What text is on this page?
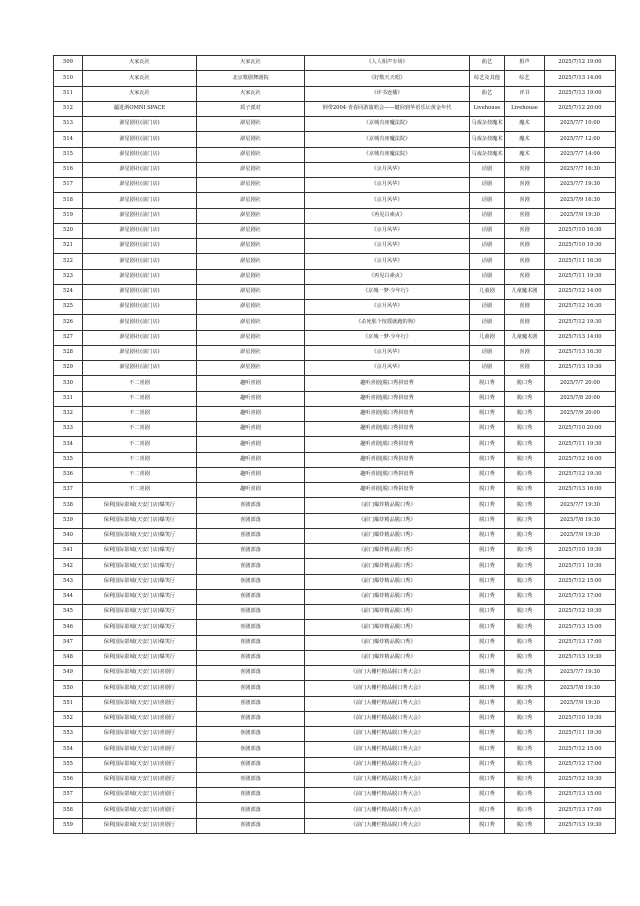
509	火家瓦社	火家瓦社	《人人相声专场》	曲艺	相声	2025/7/12 19:00
510	火家瓦社	北京歌剧舞剧院	《好歌天天唱》	综艺及其他	综艺	2025/7/13 14:00
511	火家瓦社	火家瓦社	《评书连播》	曲艺	评书	2025/7/13 19:00
512	疆进酒OMNI SPACE	质子派对	倒带2004·青春回游演唱会——键回到华语乐坛黄金年代	Livehouse	Livehouse	2025/7/12 20:00
513	澎星剧社(前门店)	澎星剧社	《京城有座魔法院》	马戏杂技魔术	魔术	2025/7/7 10:00
514	澎星剧社(前门店)	澎星剧社	《京城有座魔法院》	马戏杂技魔术	魔术	2025/7/7 12:00
515	澎星剧社(前门店)	澎星剧社	《京城有座魔法院》	马戏杂技魔术	魔术	2025/7/7 14:00
516	澎星剧社(前门店)	澎星剧社	《京月风华》	话剧	喜剧	2025/7/7 16:30
517	澎星剧社(前门店)	澎星剧社	《京月风华》	话剧	喜剧	2025/7/7 19:30
518	澎星剧社(前门店)	澎星剧社	《京月风华》	话剧	喜剧	2025/7/9 16:30
519	澎星剧社(前门店)	澎星剧社	《再见白素贞》	话剧	喜剧	2025/7/9 19:30
520	澎星剧社(前门店)	澎星剧社	《京月风华》	话剧	喜剧	2025/7/10 16:30
521	澎星剧社(前门店)	澎星剧社	《京月风华》	话剧	喜剧	2025/7/10 19:30
522	澎星剧社(前门店)	澎星剧社	《京月风华》	话剧	喜剧	2025/7/11 16:30
523	澎星剧社(前门店)	澎星剧社	《再见白素贞》	话剧	喜剧	2025/7/11 19:30
524	澎星剧社(前门店)	澎星剧社	《京城一梦·少年行》	儿童剧	儿童魔术剧	2025/7/12 14:00
525	澎星剧社(前门店)	澎星剧社	《京月风华》	话剧	喜剧	2025/7/12 16:30
526	澎星剧社(前门店)	澎星剧社	《杀死那个按摇就跑的狗》	话剧	喜剧	2025/7/12 19:30
527	澎星剧社(前门店)	澎星剧社	《京城一梦·少年行》	儿童剧	儿童魔术剧	2025/7/13 14:00
528	澎星剧社(前门店)	澎星剧社	《京月风华》	话剧	喜剧	2025/7/13 16:30
529	澎星剧社(前门店)	澎星剧社	《京月风华》	话剧	喜剧	2025/7/13 19:30
530	不二喜剧	趣听喜剧	趣听喜剧|脱口秀拼盘秀	脱口秀	脱口秀	2025/7/7 20:00
531	不二喜剧	趣听喜剧	趣听喜剧|脱口秀拼盘秀	脱口秀	脱口秀	2025/7/8 20:00
532	不二喜剧	趣听喜剧	趣听喜剧|脱口秀拼盘秀	脱口秀	脱口秀	2025/7/9 20:00
533	不二喜剧	趣听喜剧	趣听喜剧|脱口秀拼盘秀	脱口秀	脱口秀	2025/7/10 20:00
534	不二喜剧	趣听喜剧	趣听喜剧|脱口秀拼盘秀	脱口秀	脱口秀	2025/7/11 19:30
535	不二喜剧	趣听喜剧	趣听喜剧|脱口秀拼盘秀	脱口秀	脱口秀	2025/7/12 16:00
536	不二喜剧	趣听喜剧	趣听喜剧|脱口秀拼盘秀	脱口秀	脱口秀	2025/7/12 19:30
537	不二喜剧	趣听喜剧	趣听喜剧|脱口秀拼盘秀	脱口秀	脱口秀	2025/7/13 16:00
538	保利国际影城(天安门店)爆笑厅	喜剧部落	《前门爆炸精品脱口秀》	脱口秀	脱口秀	2025/7/7 19:30
539	保利国际影城(天安门店)爆笑厅	喜剧部落	《前门爆炸精品脱口秀》	脱口秀	脱口秀	2025/7/8 19:30
540	保利国际影城(天安门店)爆笑厅	喜剧部落	《前门爆炸精品脱口秀》	脱口秀	脱口秀	2025/7/9 19:30
541	保利国际影城(天安门店)爆笑厅	喜剧部落	《前门爆炸精品脱口秀》	脱口秀	脱口秀	2025/7/10 19:30
542	保利国际影城(天安门店)爆笑厅	喜剧部落	《前门爆炸精品脱口秀》	脱口秀	脱口秀	2025/7/11 19:30
543	保利国际影城(天安门店)爆笑厅	喜剧部落	《前门爆炸精品脱口秀》	脱口秀	脱口秀	2025/7/12 15:00
544	保利国际影城(天安门店)爆笑厅	喜剧部落	《前门爆炸精品脱口秀》	脱口秀	脱口秀	2025/7/12 17:00
545	保利国际影城(天安门店)爆笑厅	喜剧部落	《前门爆炸精品脱口秀》	脱口秀	脱口秀	2025/7/12 19:30
546	保利国际影城(天安门店)爆笑厅	喜剧部落	《前门爆炸精品脱口秀》	脱口秀	脱口秀	2025/7/13 15:00
547	保利国际影城(天安门店)爆笑厅	喜剧部落	《前门爆炸精品脱口秀》	脱口秀	脱口秀	2025/7/13 17:00
548	保利国际影城(天安门店)爆笑厅	喜剧部落	《前门爆炸精品脱口秀》	脱口秀	脱口秀	2025/7/13 19:30
549	保利国际影城(天安门店)喜剧厅	喜剧部落	《前门大栅栏精品脱口秀大会》	脱口秀	脱口秀	2025/7/7 19:30
550	保利国际影城(天安门店)喜剧厅	喜剧部落	《前门大栅栏精品脱口秀大会》	脱口秀	脱口秀	2025/7/8 19:30
551	保利国际影城(天安门店)喜剧厅	喜剧部落	《前门大栅栏精品脱口秀大会》	脱口秀	脱口秀	2025/7/9 19:30
552	保利国际影城(天安门店)喜剧厅	喜剧部落	《前门大栅栏精品脱口秀大会》	脱口秀	脱口秀	2025/7/10 19:30
553	保利国际影城(天安门店)喜剧厅	喜剧部落	《前门大栅栏精品脱口秀大会》	脱口秀	脱口秀	2025/7/11 19:30
554	保利国际影城(天安门店)喜剧厅	喜剧部落	《前门大栅栏精品脱口秀大会》	脱口秀	脱口秀	2025/7/12 15:00
555	保利国际影城(天安门店)喜剧厅	喜剧部落	《前门大栅栏精品脱口秀大会》	脱口秀	脱口秀	2025/7/12 17:00
556	保利国际影城(天安门店)喜剧厅	喜剧部落	《前门大栅栏精品脱口秀大会》	脱口秀	脱口秀	2025/7/12 19:30
557	保利国际影城(天安门店)喜剧厅	喜剧部落	《前门大栅栏精品脱口秀大会》	脱口秀	脱口秀	2025/7/13 15:00
558	保利国际影城(天安门店)喜剧厅	喜剧部落	《前门大栅栏精品脱口秀大会》	脱口秀	脱口秀	2025/7/13 17:00
559	保利国际影城(天安门店)喜剧厅	喜剧部落	《前门大栅栏精品脱口秀大会》	脱口秀	脱口秀	2025/7/13 19:30
